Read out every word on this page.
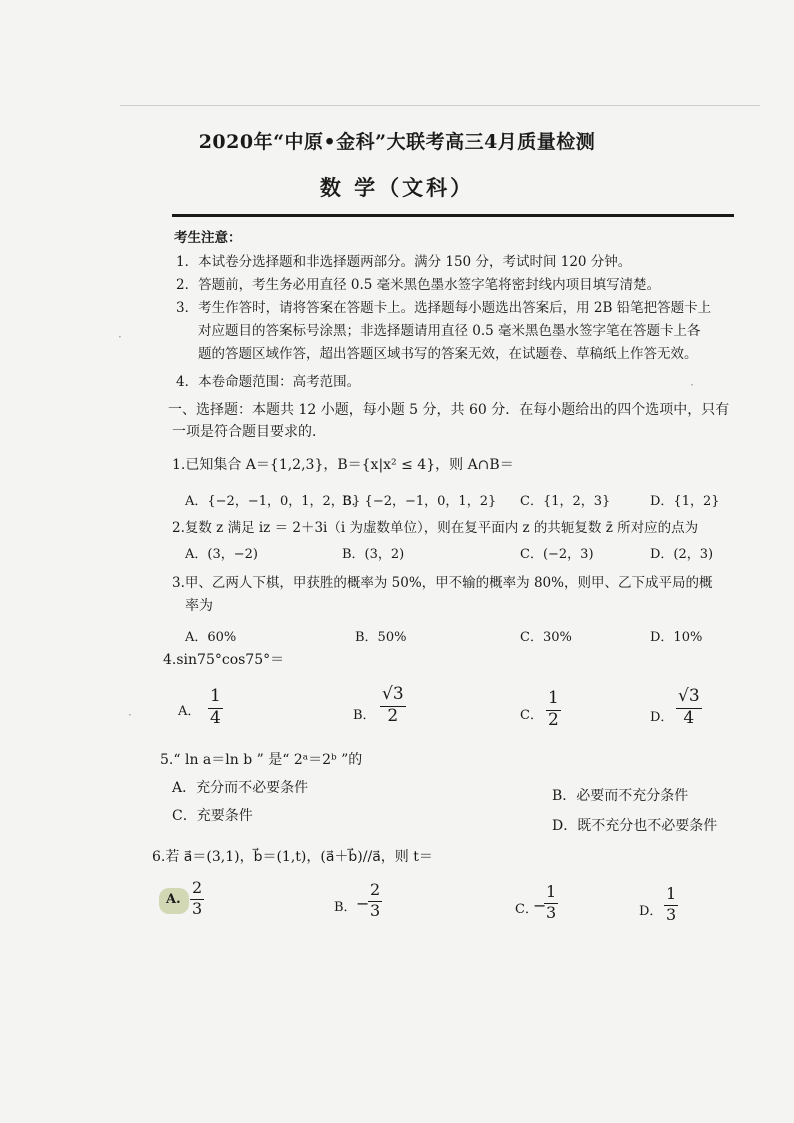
2020年“中原•金科”大联考高三4月质量检测
数 学（文科）
考生注意：
1．本试卷分选择题和非选择题两部分。满分 150 分，考试时间 120 分钟。
2．答题前，考生务必用直径 0.5 毫米黑色墨水签字笔将密封线内项目填写清楚。
3．考生作答时，请将答案在答题卡上。选择题每小题选出答案后，用 2B 铅笔把答题卡上
对应题目的答案标号涂黑；非选择题请用直径 0.5 毫米黑色墨水签字笔在答题卡上各
题的答题区域作答，超出答题区域书写的答案无效，在试题卷、草稿纸上作答无效。
4．本卷命题范围：高考范围。
一、选择题：本题共 12 小题，每小题 5 分，共 60 分．在每小题给出的四个选项中，只有
一项是符合题目要求的．
1.已知集合 A＝{1,2,3}，B＝{x|x² ≤ 4}，则 A∩B＝
A．{−2，−1，0，1，2，3}
B．{−2，−1，0，1，2} C．{1，2，3}	D．{1，2}
2.复数 z 满足 iz ＝ 2＋3i（i 为虚数单位），则在复平面内 z 的共轭复数 z̄ 所对应的点为
A．(3，−2)	B．(3，2)	C．(−2，3)	D．(2，3)
3.甲、乙两人下棋，甲获胜的概率为 50%，甲不输的概率为 80%，则甲、乙下成平局的概
率为
A．60%	B．50%	C．30%	D．10%
4.sin75°cos75°＝
A．
1
4	B．
√3
2	C．
1
2	D．
√3
4
5.“ ln a＝ln b ” 是“ 2ᵃ＝2ᵇ ”的
A．充分而不必要条件	B．必要而不充分条件
C．充要条件
D．既不充分也不必要条件
6.若 a⃗＝(3,1)，b⃗＝(1,t)，(a⃗＋b⃗)//a⃗，则 t＝
A.
2
3	B． −
2
3	C．
−
1
3	D．
1
3
·
·
·
